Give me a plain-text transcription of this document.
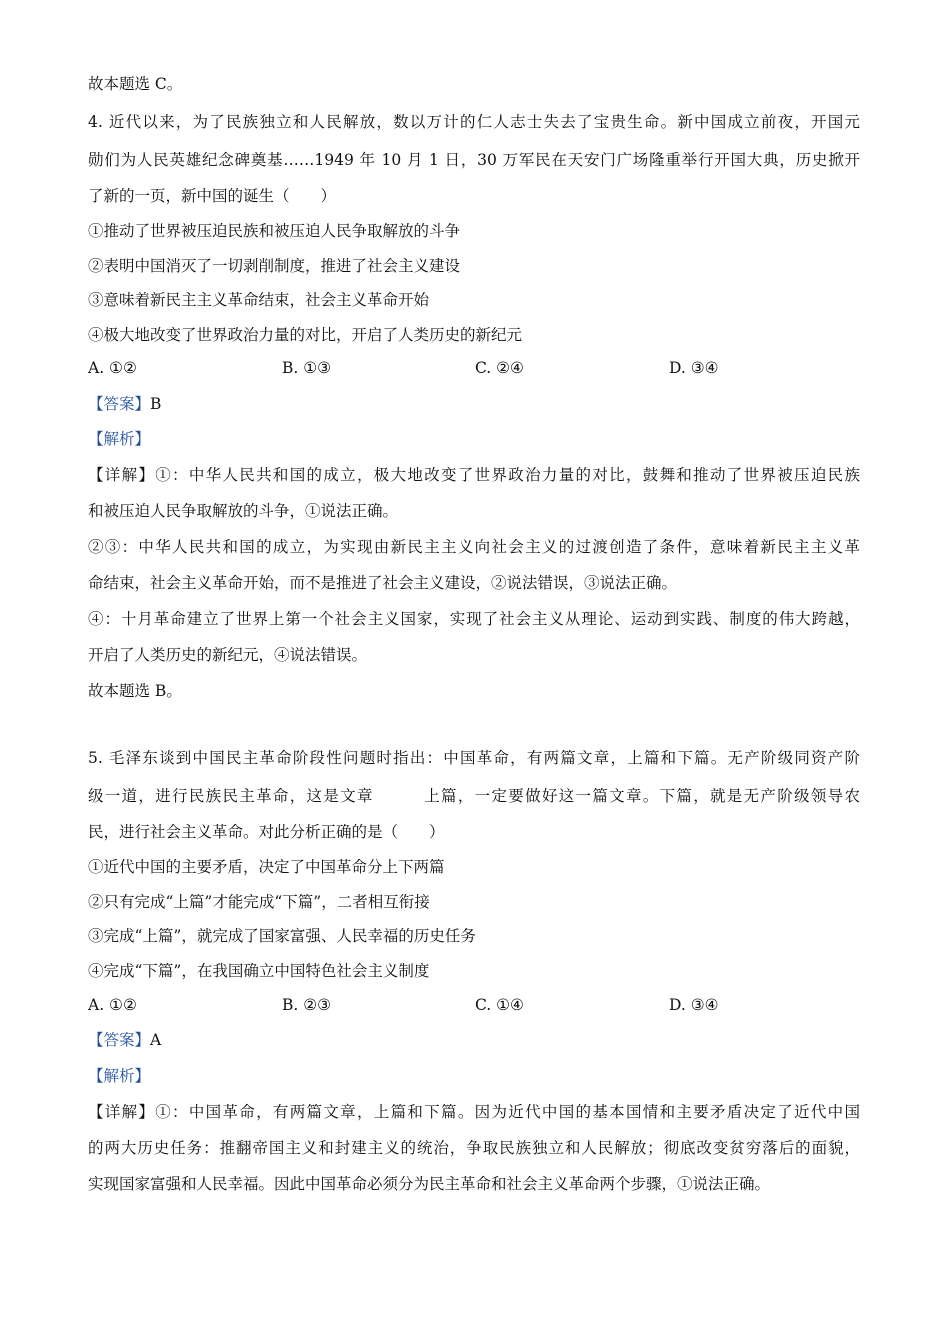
故本题选 C。
4. 近代以来，为了民族独立和人民解放，数以万计的仁人志士失去了宝贵生命。新中国成立前夜，开国元
勋们为人民英雄纪念碑奠基……1949 年 10 月 1 日，30 万军民在天安门广场隆重举行开国大典，历史掀开
了新的一页，新中国的诞生（　　）
①推动了世界被压迫民族和被压迫人民争取解放的斗争
②表明中国消灭了一切剥削制度，推进了社会主义建设
③意味着新民主主义革命结束，社会主义革命开始
④极大地改变了世界政治力量的对比，开启了人类历史的新纪元
A. ①②	B. ①③	C. ②④	D. ③④
【答案】B
【解析】
【详解】①：中华人民共和国的成立，极大地改变了世界政治力量的对比，鼓舞和推动了世界被压迫民族
和被压迫人民争取解放的斗争，①说法正确。
②③：中华人民共和国的成立，为实现由新民主主义向社会主义的过渡创造了条件，意味着新民主主义革
命结束，社会主义革命开始，而不是推进了社会主义建设，②说法错误，③说法正确。
④：十月革命建立了世界上第一个社会主义国家，实现了社会主义从理论、运动到实践、制度的伟大跨越，
开启了人类历史的新纪元，④说法错误。
故本题选 B。
5. 毛泽东谈到中国民主革命阶段性问题时指出：中国革命，有两篇文章，上篇和下篇。无产阶级同资产阶
级一道，进行民族民主革命，这是文章　　　上篇，一定要做好这一篇文章。下篇，就是无产阶级领导农
民，进行社会主义革命。对此分析正确的是（　　）
①近代中国的主要矛盾，决定了中国革命分上下两篇
②只有完成“上篇”才能完成“下篇”，二者相互衔接
③完成“上篇”，就完成了国家富强、人民幸福的历史任务
④完成“下篇”，在我国确立中国特色社会主义制度
A. ①②	B. ②③	C. ①④	D. ③④
【答案】A
【解析】
【详解】①：中国革命，有两篇文章，上篇和下篇。因为近代中国的基本国情和主要矛盾决定了近代中国
的两大历史任务：推翻帝国主义和封建主义的统治，争取民族独立和人民解放；彻底改变贫穷落后的面貌，
实现国家富强和人民幸福。因此中国革命必须分为民主革命和社会主义革命两个步骤，①说法正确。
